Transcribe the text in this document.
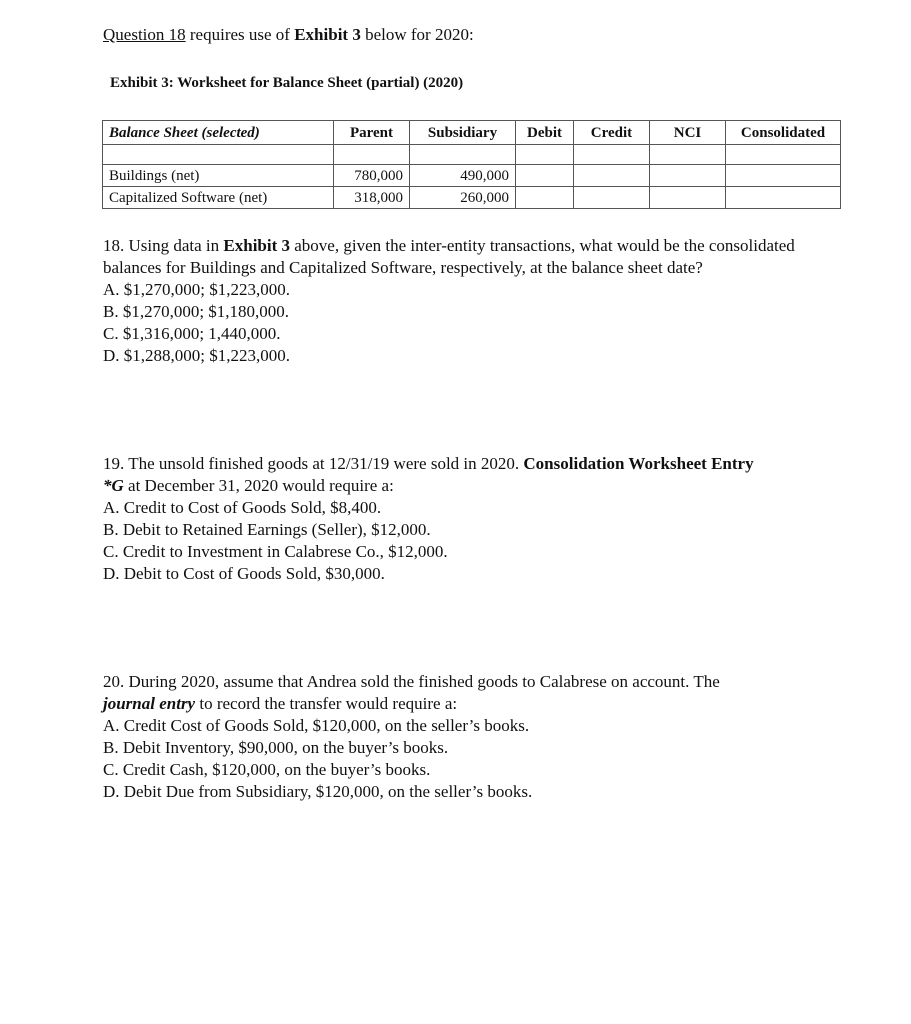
Question 18 requires use of Exhibit 3 below for 2020:
Exhibit 3: Worksheet for Balance Sheet (partial) (2020)
Balance Sheet (selected)	Parent	Subsidiary	Debit	Credit	NCI	Consolidated

Buildings (net)	780,000	490,000				
Capitalized Software (net)	318,000	260,000				

18. Using data in Exhibit 3 above, given the inter-entity transactions, what would be the consolidated balances for Buildings and Capitalized Software, respectively, at the balance sheet date?

A. $1,270,000; $1,223,000.

B. $1,270,000; $1,180,000.

C. $1,316,000; 1,440,000.

D. $1,288,000; $1,223,000.

19. The unsold finished goods at 12/31/19 were sold in 2020. Consolidation Worksheet Entry
*G at December 31, 2020 would require a:

A. Credit to Cost of Goods Sold, $8,400.

B. Debit to Retained Earnings (Seller), $12,000.

C. Credit to Investment in Calabrese Co., $12,000.

D. Debit to Cost of Goods Sold, $30,000.

20. During 2020, assume that Andrea sold the finished goods to Calabrese on account. The
journal entry to record the transfer would require a:

A. Credit Cost of Goods Sold, $120,000, on the seller’s books.

B. Debit Inventory, $90,000, on the buyer’s books.

C. Credit Cash, $120,000, on the buyer’s books.

D. Debit Due from Subsidiary, $120,000, on the seller’s books.
